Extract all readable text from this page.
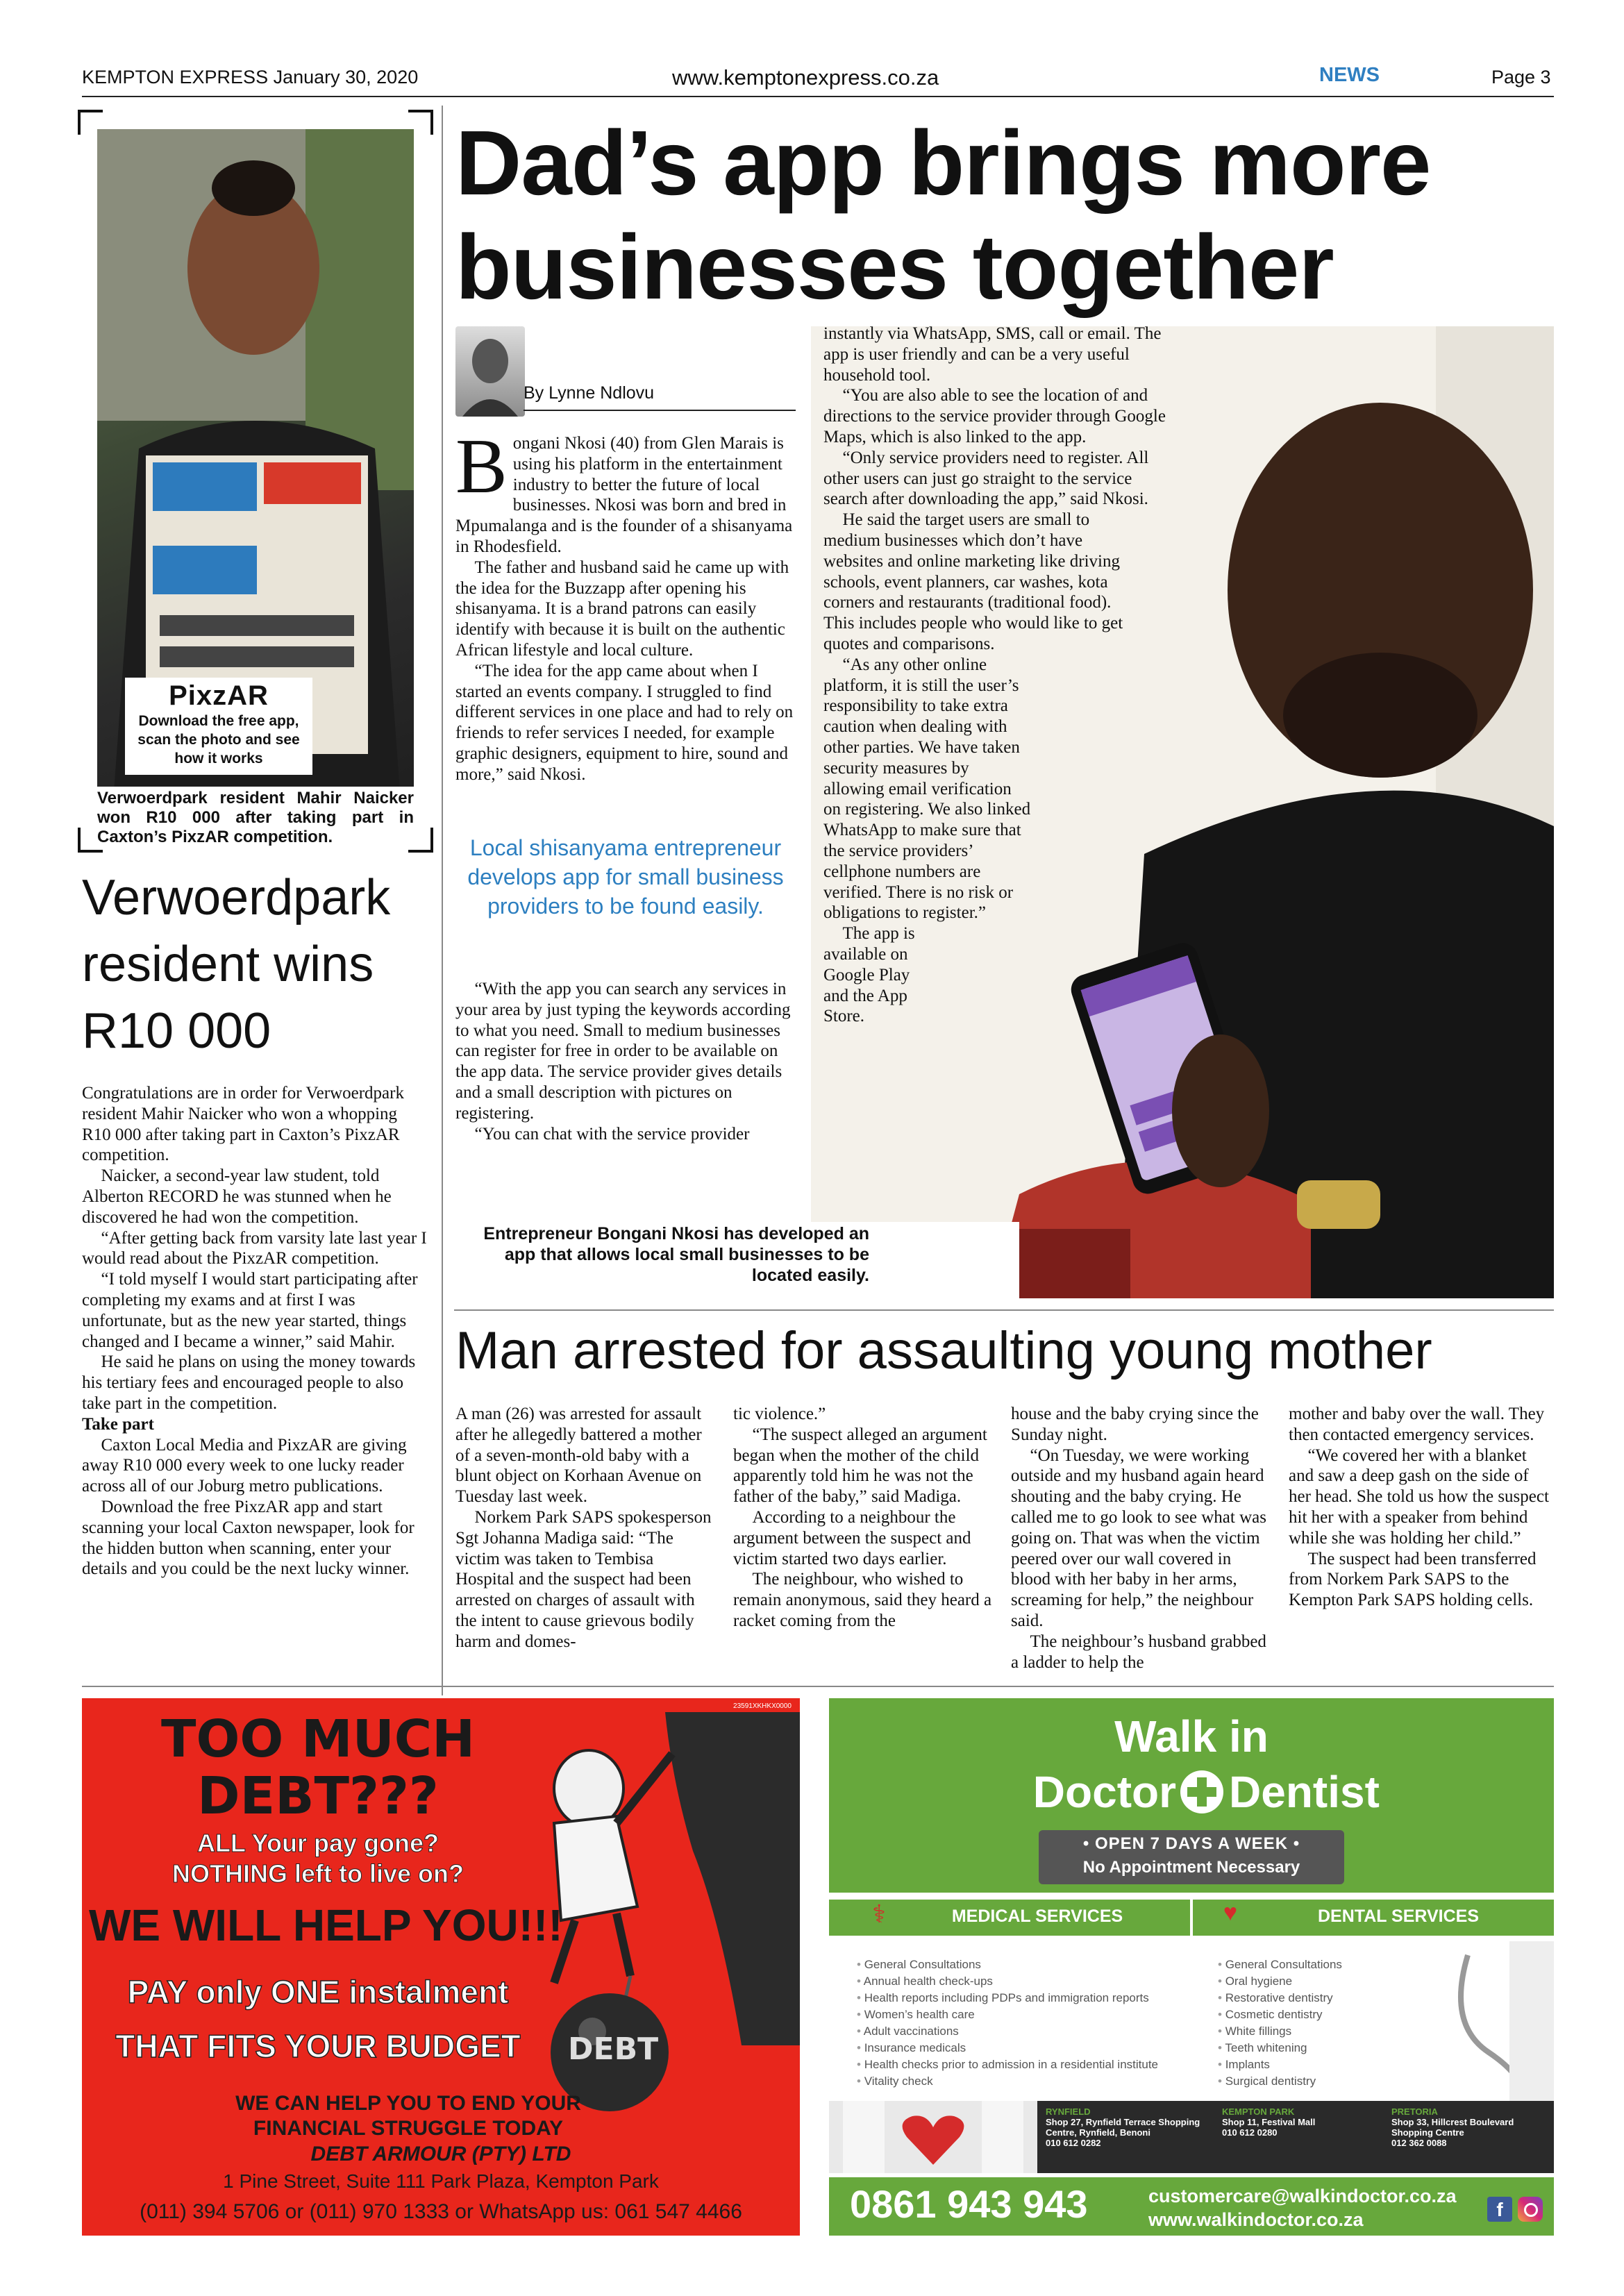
KEMPTON EXPRESS January 30, 2020	www.kemptonexpress.co.za	NEWS	Page 3
PixzAR
Download the free app, scan the photo and see how it works
Verwoerdpark resident Mahir Naicker won R10 000 after taking part in Caxton’s PixzAR competition.
Verwoerdpark resident wins R10 000

Congratulations are in order for Verwoerdpark resident Mahir Naicker who won a whopping R10 000 after taking part in Caxton’s PixzAR competition.

Naicker, a second-year law student, told Alberton RECORD he was stunned when he discovered he had won the competition.

“After getting back from varsity late last year I would read about the PixzAR competition.

“I told myself I would start participating after completing my exams and at first I was unfortunate, but as the new year started, things changed and I became a winner,” said Mahir.

He said he plans on using the money towards his tertiary fees and encouraged people to also take part in the competition.

Take part

Caxton Local Media and PixzAR are giving away R10 000 every week to one lucky reader across all of our Joburg metro publications.

Download the free PixzAR app and start scanning your local Caxton newspaper, look for the hidden button when scanning, enter your details and you could be the next lucky winner.

Dad’s app brings more businesses together
By Lynne Ndlovu

Bongani Nkosi (40) from Glen Marais is using his platform in the entertainment industry to better the future of local businesses. Nkosi was born and bred in Mpumalanga and is the founder of a shisanyama in Rhodesfield.

The father and husband said he came up with the idea for the Buzzapp after opening his shisanyama. It is a brand patrons can easily identify with because it is built on the authentic African lifestyle and local culture.

“The idea for the app came about when I started an events company. I struggled to find different services in one place and had to rely on friends to refer services I needed, for example graphic designers, equipment to hire, sound and more,” said Nkosi.

Local shisanyama entrepreneur develops app for small business providers to be found easily.

“With the app you can search any services in your area by just typing the keywords according to what you need. Small to medium businesses can register for free in order to be available on the app data. The service provider gives details and a small description with pictures on registering.

“You can chat with the service provider

instantly via WhatsApp, SMS, call or email. The app is user friendly and can be a very useful household tool.

“You are also able to see the location of and directions to the service provider through Google Maps, which is also linked to the app.

“Only service providers need to register. All other users can just go straight to the service search after downloading the app,” said Nkosi.

He said the target users are small to medium businesses which don’t have websites and online marketing like driving schools, event planners, car washes, kota corners and restaurants (traditional food). This includes people who would like to get quotes and comparisons.

“As any other online platform, it is still the user’s responsibility to take extra caution when dealing with other parties. We have taken security measures by allowing email verification on registering. We also linked WhatsApp to make sure that the service providers’ cellphone numbers are verified. There is no risk or obligations to register.”

The app is available on Google Play and the App Store.

Entrepreneur Bongani Nkosi has developed an app that allows local small businesses to be located easily.
Man arrested for assaulting young mother

A man (26) was arrested for assault after he allegedly battered a mother of a seven-month-old baby with a blunt object on Korhaan Avenue on Tuesday last week.

Norkem Park SAPS spokesperson Sgt Johanna Madiga said: “The victim was taken to Tembisa Hospital and the suspect had been arrested on charges of assault with the intent to cause grievous bodily harm and domes-

tic violence.”

“The suspect alleged an argument began when the mother of the child apparently told him he was not the father of the baby,” said Madiga.

According to a neighbour the argument between the suspect and victim started two days earlier.

The neighbour, who wished to remain anonymous, said they heard a racket coming from the

house and the baby crying since the Sunday night.

“On Tuesday, we were working outside and my husband again heard shouting and the baby crying. He called me to go look to see what was going on. That was when the victim peered over our wall covered in blood with her baby in her arms, screaming for help,” the neighbour said.

The neighbour’s husband grabbed a ladder to help the

mother and baby over the wall. They then contacted emergency services.

“We covered her with a blanket and saw a deep gash on the side of her head. She told us how the suspect hit her with a speaker from behind while she was holding her child.”

The suspect had been transferred from Norkem Park SAPS to the Kempton Park SAPS holding cells.

23591XKHKX0000
DEBT
TOO MUCH
DEBT???
ALL Your pay gone?
NOTHING left to live on?
WE WILL HELP YOU!!!
PAY only ONE instalment
THAT FITS YOUR BUDGET
WE CAN HELP YOU TO END YOUR FINANCIAL STRUGGLE TODAY
DEBT ARMOUR (PTY) LTD
1 Pine Street, Suite 111 Park Plaza, Kempton Park
(011) 394 5706 or (011) 970 1333 or WhatsApp us: 061 547 4466
Walk in
Doctor Dentist
• OPEN 7 DAYS A WEEK •
No Appointment Necessary
⚕	MEDICAL SERVICES	♥	DENTAL SERVICES

• General Consultations

• Annual health check-ups

• Health reports including PDPs and immigration reports

• Women’s health care

• Adult vaccinations

• Insurance medicals

• Health checks prior to admission in a residential institute

• Vitality check

• General Consultations

• Oral hygiene

• Restorative dentistry

• Cosmetic dentistry

• White fillings

• Teeth whitening

• Implants

• Surgical dentistry

RYNFIELD
Shop 27, Rynfield Terrace Shopping Centre, Rynfield, Benoni
010 612 0282
KEMPTON PARK
Shop 11, Festival Mall
010 612 0280
PRETORIA
Shop 33, Hillcrest Boulevard Shopping Centre
012 362 0088
0861 943 943	customercare@walkindoctor.co.za
www.walkindoctor.co.za	f
